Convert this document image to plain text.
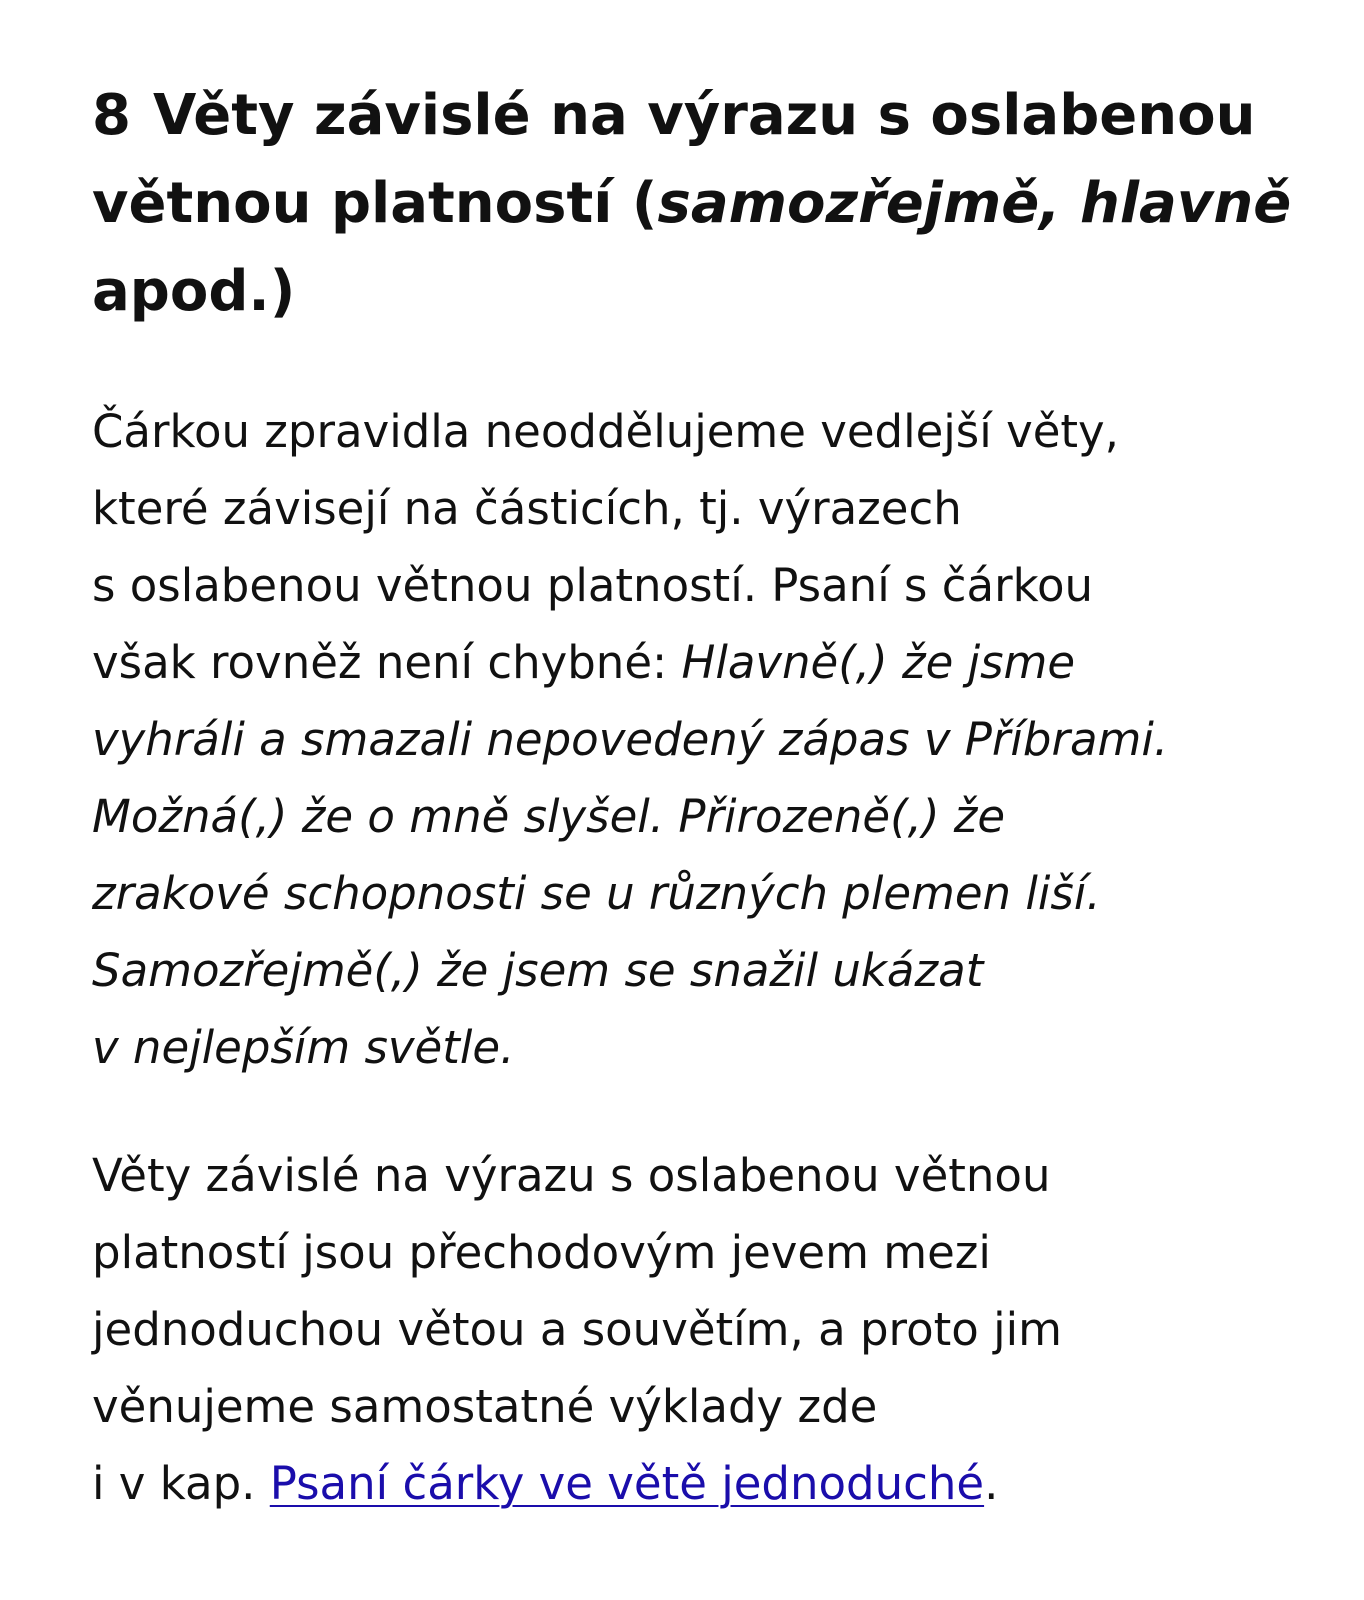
8 Věty závislé na výrazu s oslabenou
větnou platností (samozřejmě, hlavně
apod.)

Čárkou zpravidla neoddělujeme vedlejší věty,
které závisejí na částicích, tj. výrazech
s oslabenou větnou platností. Psaní s čárkou
však rovněž není chybné: Hlavně(,) že jsme
vyhráli a smazali nepovedený zápas v Příbrami.
Možná(,) že o mně slyšel. Přirozeně(,) že
zrakové schopnosti se u různých plemen liší.
Samozřejmě(,) že jsem se snažil ukázat
v nejlepším světle.

Věty závislé na výrazu s oslabenou větnou
platností jsou přechodovým jevem mezi
jednoduchou větou a souvětím, a proto jim
věnujeme samostatné výklady zde
i v kap. Psaní čárky ve větě jednoduché.
